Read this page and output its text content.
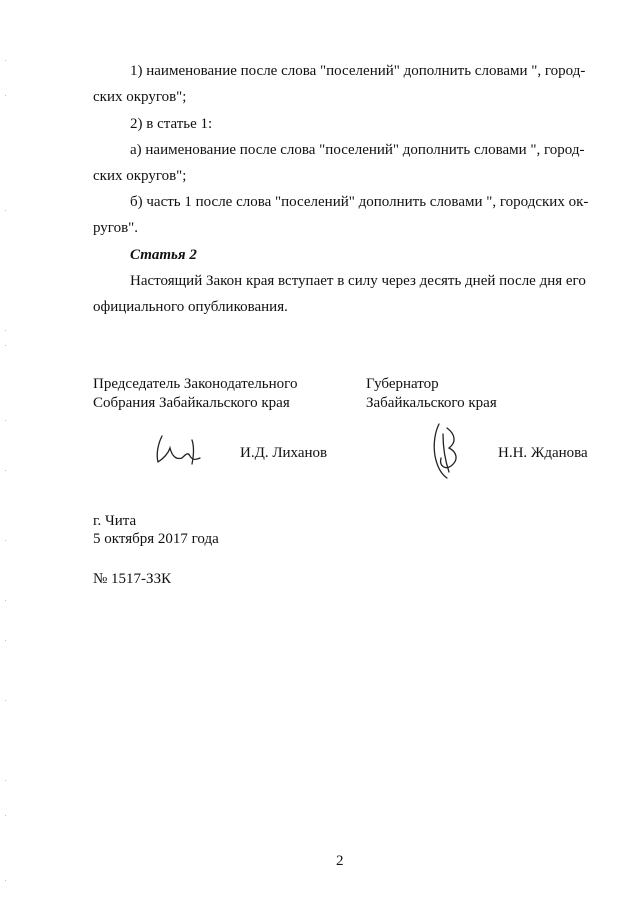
1) наименование после слова "поселений" дополнить словами ", город-
ских округов";
2) в статье 1:
а) наименование после слова "поселений" дополнить словами ", город-
ских округов";
б) часть 1 после слова "поселений" дополнить словами ", городских ок-
ругов".
Статья 2
Настоящий Закон края вступает в силу через десять дней после дня его
официального опубликования.
Председатель Законодательного
Собрания Забайкальского края
Губернатор
Забайкальского края
И.Д. Лиханов	Н.Н. Жданова
г. Чита
5 октября 2017 года
№ 1517-ЗЗК
2
